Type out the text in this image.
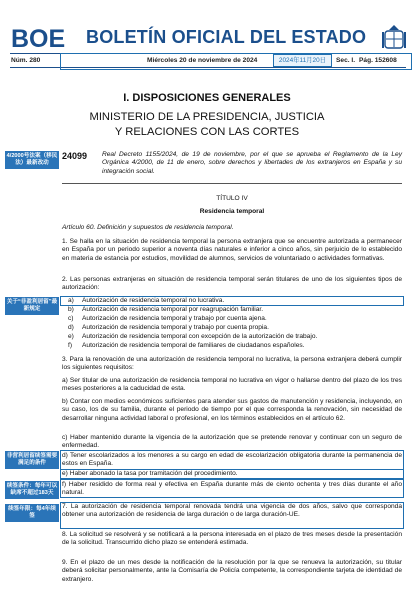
BOE BOLETÍN OFICIAL DEL ESTADO
Núm. 280	Miércoles 20 de noviembre de 2024	2024年11月20日	Sec. I. Pág. 152608
I. DISPOSICIONES GENERALES
MINISTERIO DE LA PRESIDENCIA, JUSTICIA
Y RELACIONES CON LAS CORTES
4/2000号法案（移民法）最新改动
24099 Real Decreto 1155/2024, de 19 de noviembre, por el que se aprueba el Reglamento de la Ley Orgánica 4/2000, de 11 de enero, sobre derechos y libertades de los extranjeros en España y su integración social.
TÍTULO IV
Residencia temporal
Artículo 60. Definición y supuestos de residencia temporal.
1. Se halla en la situación de residencia temporal la persona extranjera que se encuentre autorizada a permanecer en España por un periodo superior a noventa días naturales e inferior a cinco años, sin perjuicio de lo establecido en materia de estancia por estudios, movilidad de alumnos, servicios de voluntariado o actividades formativas.
2. Las personas extranjeras en situación de residencia temporal serán titulares de uno de los siguientes tipos de autorización:
关于“非盈利居留”最新规定
a) Autorización de residencia temporal no lucrativa.
b) Autorización de residencia temporal por reagrupación familiar.
c) Autorización de residencia temporal y trabajo por cuenta ajena.
d) Autorización de residencia temporal y trabajo por cuenta propia.
e) Autorización de residencia temporal con excepción de la autorización de trabajo.
f) Autorización de residencia temporal de familiares de ciudadanos españoles.
3. Para la renovación de una autorización de residencia temporal no lucrativa, la persona extranjera deberá cumplir los siguientes requisitos:
a) Ser titular de una autorización de residencia temporal no lucrativa en vigor o hallarse dentro del plazo de los tres meses posteriores a la caducidad de esta.
b) Contar con medios económicos suficientes para atender sus gastos de manutención y residencia, incluyendo, en su caso, los de su familia, durante el periodo de tiempo por el que corresponda la renovación, sin necesidad de desarrollar ninguna actividad laboral o profesional, en los términos establecidos en el artículo 62.
c) Haber mantenido durante la vigencia de la autorización que se pretende renovar y continuar con un seguro de enfermedad.
非营利居留续签需要满足的条件
d) Tener escolarizados a los menores a su cargo en edad de escolarización obligatoria durante la permanencia de estos en España.
e) Haber abonado la tasa por tramitación del procedimiento.
续签条件：每年可以缺席不超过183天
f) Haber residido de forma real y efectiva en España durante más de ciento ochenta y tres días durante el año natural.
续签年限：每4年续签
7. La autorización de residencia temporal renovada tendrá una vigencia de dos años, salvo que corresponda obtener una autorización de residencia de larga duración o de larga duración-UE.
8. La solicitud se resolverá y se notificará a la persona interesada en el plazo de tres meses desde la presentación de la solicitud. Transcurrido dicho plazo se entenderá estimada.
9. En el plazo de un mes desde la notificación de la resolución por la que se renueva la autorización, su titular deberá solicitar personalmente, ante la Comisaría de Policía competente, la correspondiente tarjeta de identidad de extranjero.
